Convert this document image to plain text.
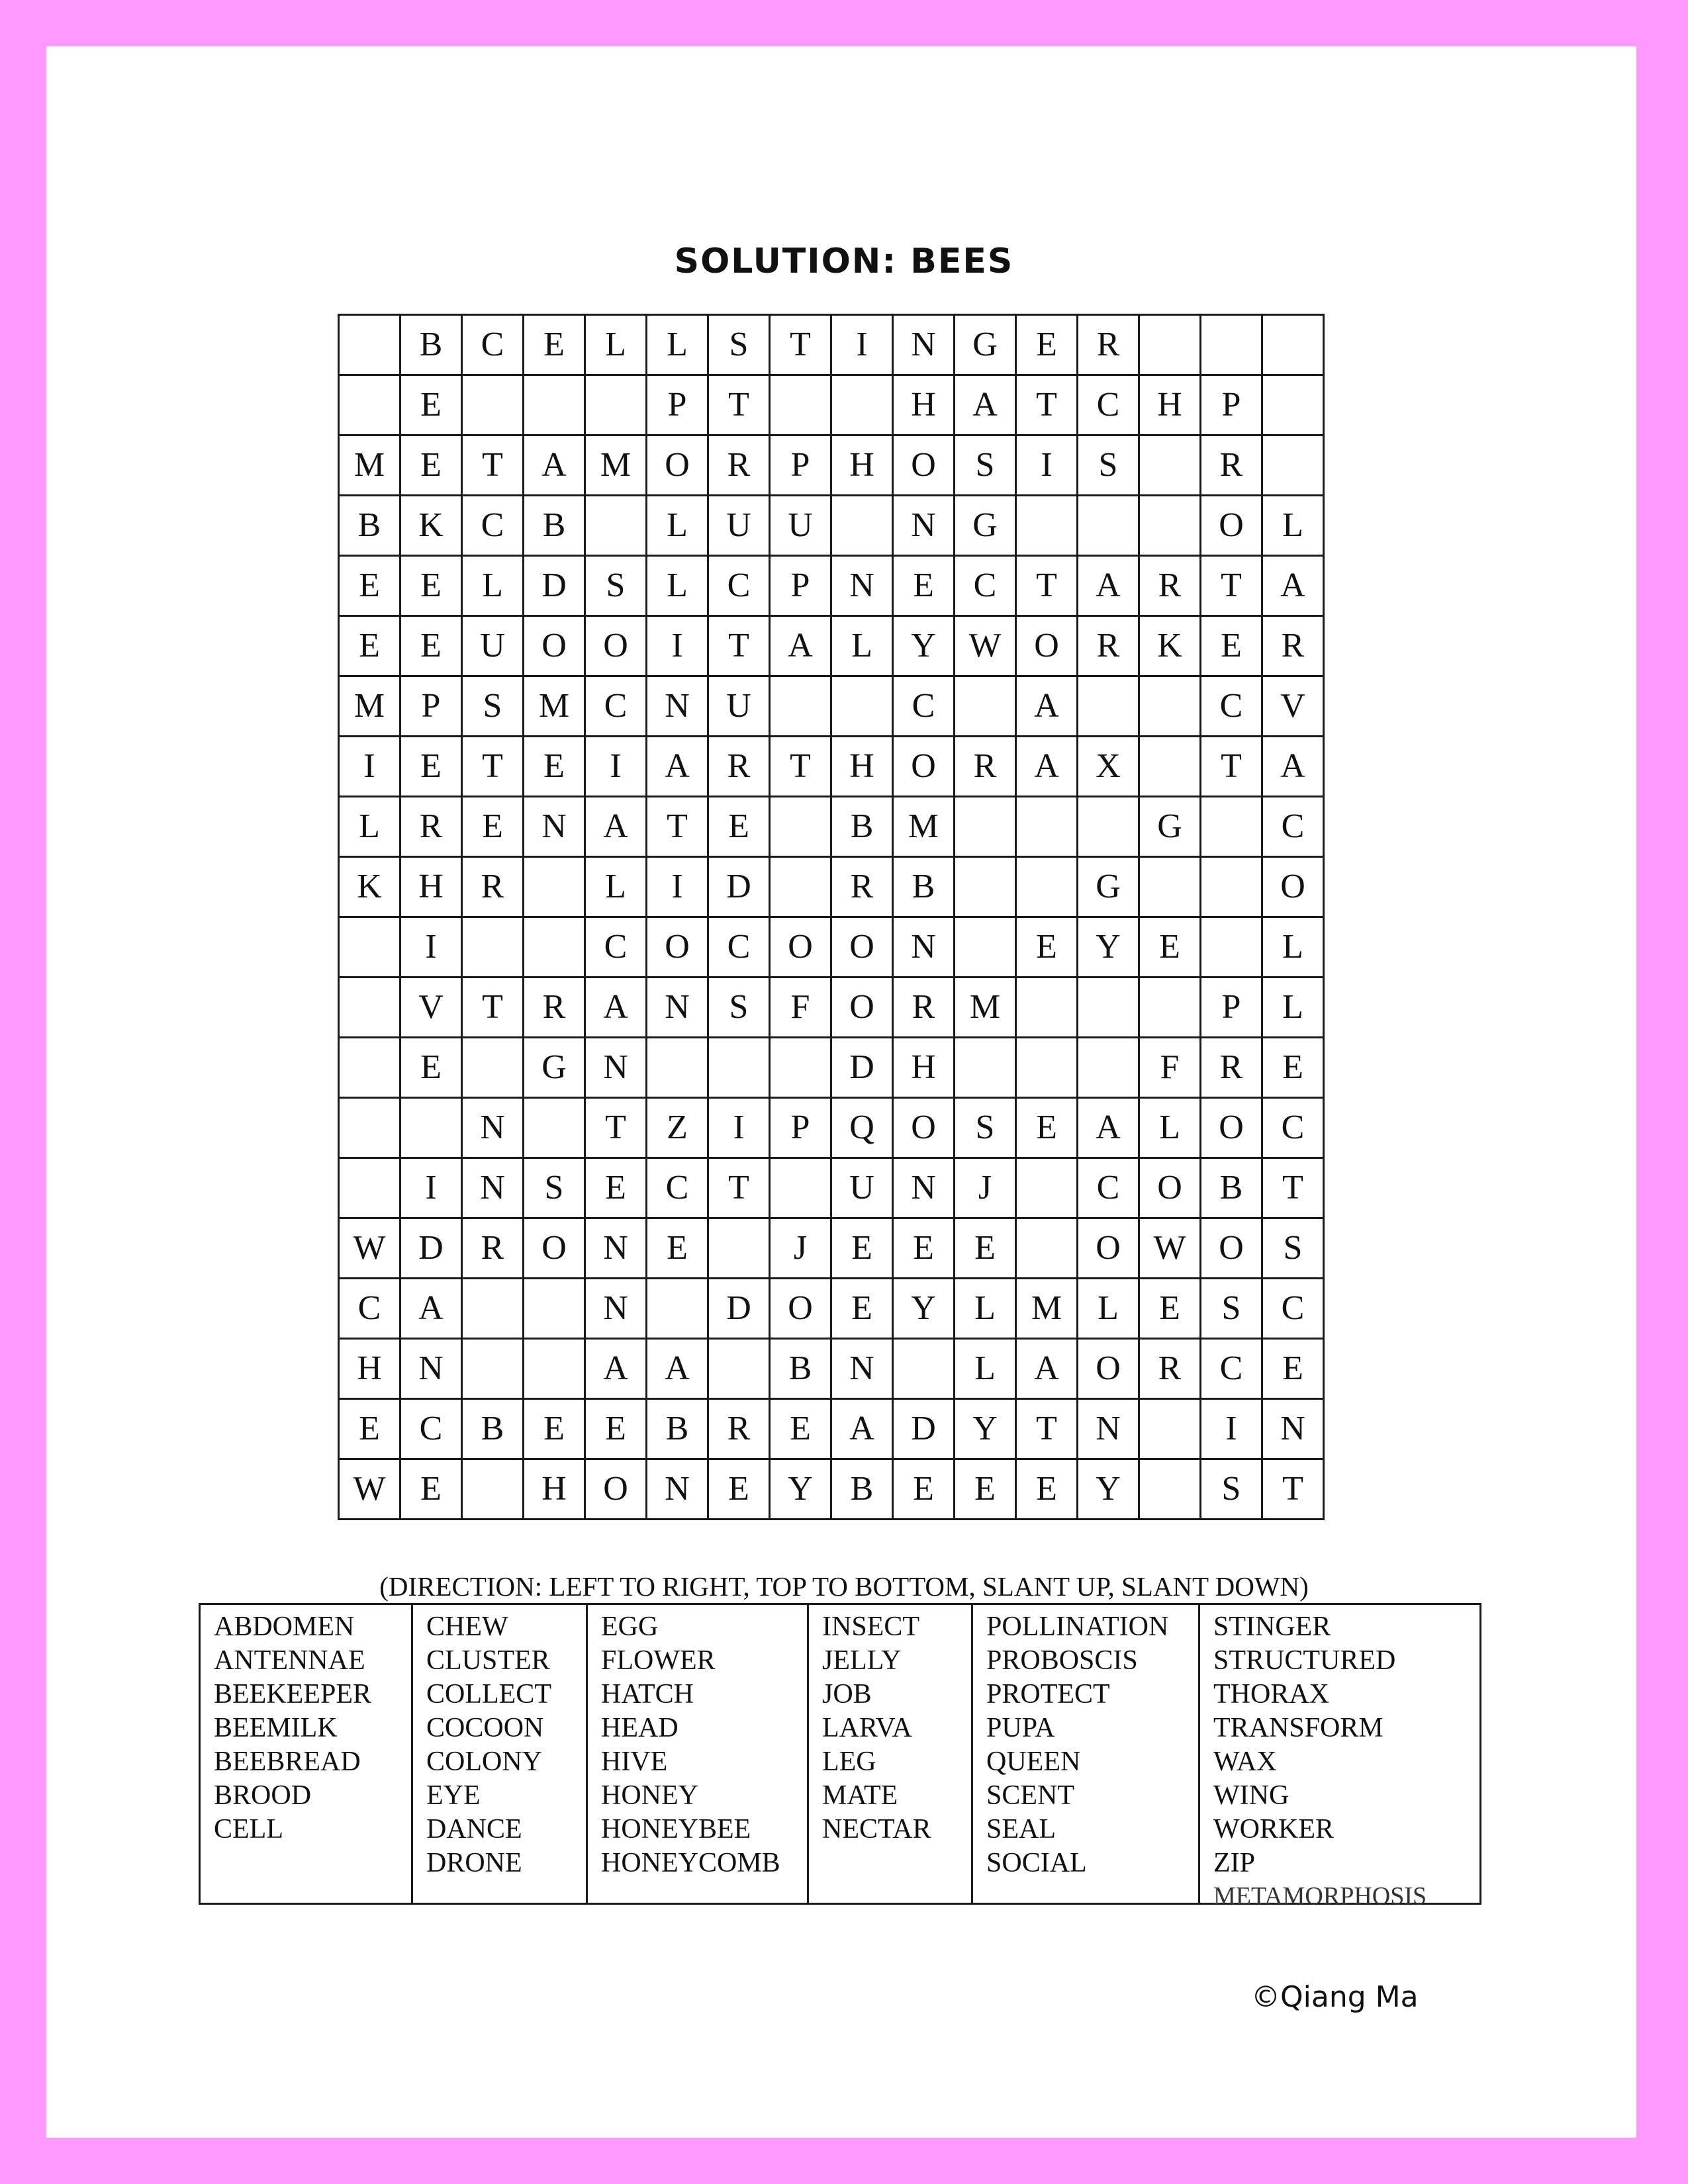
SOLUTION: BEES
	B	C	E	L	L	S	T	I	N	G	E	R			
	E				P	T			H	A	T	C	H	P	
M	E	T	A	M	O	R	P	H	O	S	I	S		R	
B	K	C	B		L	U	U		N	G				O	L
E	E	L	D	S	L	C	P	N	E	C	T	A	R	T	A
E	E	U	O	O	I	T	A	L	Y	W	O	R	K	E	R
M	P	S	M	C	N	U			C		A			C	V
I	E	T	E	I	A	R	T	H	O	R	A	X		T	A
L	R	E	N	A	T	E		B	M				G		C
K	H	R		L	I	D		R	B			G			O
	I			C	O	C	O	O	N		E	Y	E		L
	V	T	R	A	N	S	F	O	R	M				P	L
	E		G	N				D	H				F	R	E
		N		T	Z	I	P	Q	O	S	E	A	L	O	C
	I	N	S	E	C	T		U	N	J		C	O	B	T
W	D	R	O	N	E		J	E	E	E		O	W	O	S
C	A			N		D	O	E	Y	L	M	L	E	S	C
H	N			A	A		B	N		L	A	O	R	C	E
E	C	B	E	E	B	R	E	A	D	Y	T	N		I	N
W	E		H	O	N	E	Y	B	E	E	E	Y		S	T
(DIRECTION: LEFT TO RIGHT, TOP TO BOTTOM, SLANT UP, SLANT DOWN)
ABDOMEN
ANTENNAE
BEEKEEPER
BEEMILK
BEEBREAD
BROOD
CELL
CHEW
CLUSTER
COLLECT
COCOON
COLONY
EYE
DANCE
DRONE
EGG
FLOWER
HATCH
HEAD
HIVE
HONEY
HONEYBEE
HONEYCOMB
INSECT
JELLY
JOB
LARVA
LEG
MATE
NECTAR
POLLINATION
PROBOSCIS
PROTECT
PUPA
QUEEN
SCENT
SEAL
SOCIAL
STINGER
STRUCTURED
THORAX
TRANSFORM
WAX
WING
WORKER
ZIP
METAMORPHOSIS
©Qiang Ma
